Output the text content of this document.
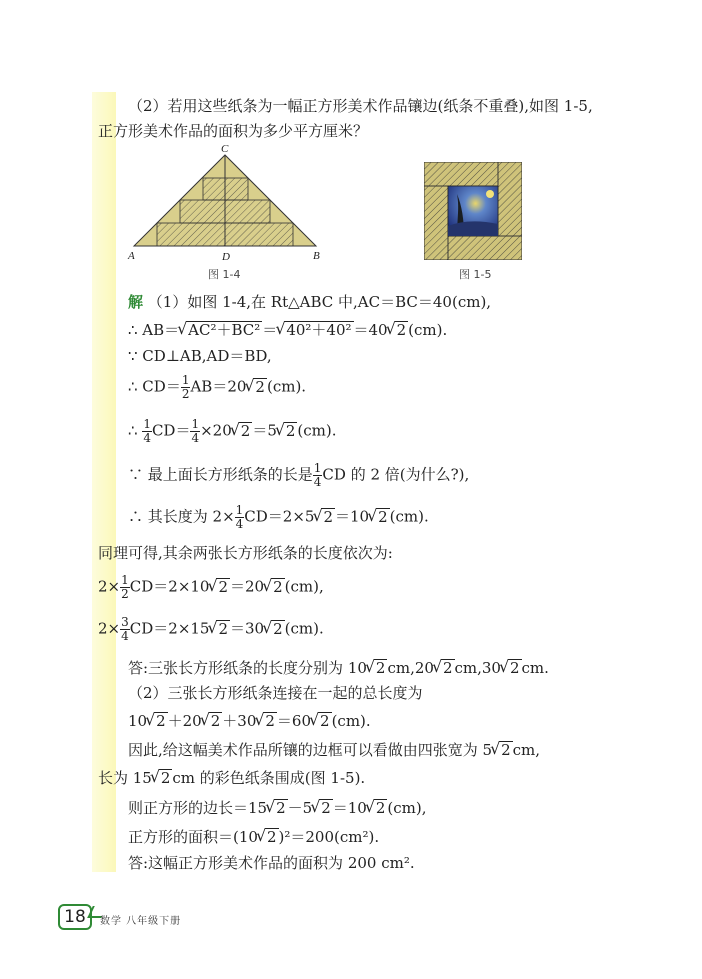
（2）若用这些纸条为一幅正方形美术作品镶边(纸条不重叠),如图 1-5,
正方形美术作品的面积为多少平方厘米？
A	B
C
D
图 1-4	图 1-5
解 （1）如图 1-4,在 Rt△ABC 中,AC＝BC＝40(cm),
∴ AB＝√ AC²＋BC² ＝√ 40²＋40² ＝40√ 2 (cm).
∵ CD⊥AB,AD＝BD,
∴ $CD= \frac{1}{2} AB=20√$ 2 (cm).
∴ $\frac{1}{4} CD= \frac{1}{4} \times 20√$ 2 ＝5√ 2 (cm).
∵ 最上面长方形纸条的长是 $\frac{1}{4}$ CD 的 2 倍(为什么?),
∴ 其长度为 $2\times \frac{1}{4} CD=2\times 5√$ 2 ＝10√ 2 (cm).
同理可得,其余两张长方形纸条的长度依次为:
$2\times \frac{1}{2} CD=2\times 10√$ 2 ＝20√ 2 (cm),
$2\times \frac{3}{4} CD=2\times 15√$ 2 ＝30√ 2 (cm).
答:三张长方形纸条的长度分别为 10√ 2 cm,20√ 2 cm,30√ 2 cm.
（2）三张长方形纸条连接在一起的总长度为
10√ 2 ＋20√ 2 ＋30√ 2 ＝60√ 2 (cm).
因此,给这幅美术作品所镶的边框可以看做由四张宽为 5√ 2 cm,
长为 15√ 2 cm 的彩色纸条围成(图 1-5).
则正方形的边长＝15√ 2 －5√ 2 ＝10√ 2 (cm),
正方形的面积＝(10√ 2 )²＝200(cm²).
答:这幅正方形美术作品的面积为 200 cm².
18	数学 八年级下册
